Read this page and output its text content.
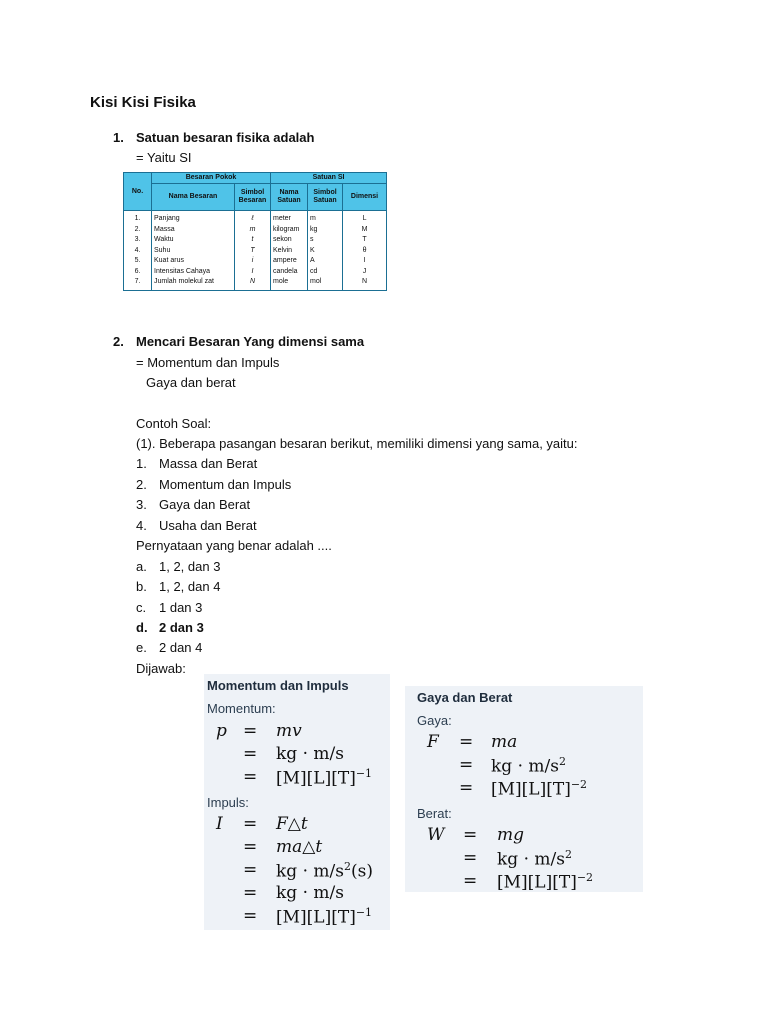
Kisi Kisi Fisika
1. Satuan besaran fisika adalah
= Yaitu SI
No.	Besaran Pokok		Satuan SI		
	Nama Besaran	Simbol Besaran	Nama Satuan	Simbol Satuan	Dimensi
1.	Panjang	ℓ	meter	m	L
2.	Massa	m	kilogram	kg	M
3.	Waktu	t	sekon	s	T
4.	Suhu	T	Kelvin	K	θ
5.	Kuat arus	i	ampere	A	I
6.	Intensitas Cahaya	I	candela	cd	J
7.	Jumlah molekul zat	N	mole	mol	N
2. Mencari Besaran Yang dimensi sama
= Momentum dan Impuls
Gaya dan berat
Contoh Soal:
(1). Beberapa pasangan besaran berikut, memiliki dimensi yang sama, yaitu:
1. Massa dan Berat
2. Momentum dan Impuls
3. Gaya dan Berat
4. Usaha dan Berat
Pernyataan yang benar adalah ....
a. 1, 2, dan 3
b. 1, 2, dan 4
c. 1 dan 3
d. 2 dan 3
e. 2 dan 4
Dijawab:
Momentum dan Impuls
Momentum:
p = mv
= kg · m/s
= $[M][L][T]^{-1}$
Impuls:
I = F△t
= ma△t
= kg · $m/s^2(s)$
= kg · m/s
= $[M][L][T]^{-1}$
Gaya dan Berat
Gaya:
F = ma
= kg · $m/s^2$
= $[M][L][T]^{-2}$
Berat:
W = mg
= kg · $m/s^2$
= $[M][L][T]^{-2}$
